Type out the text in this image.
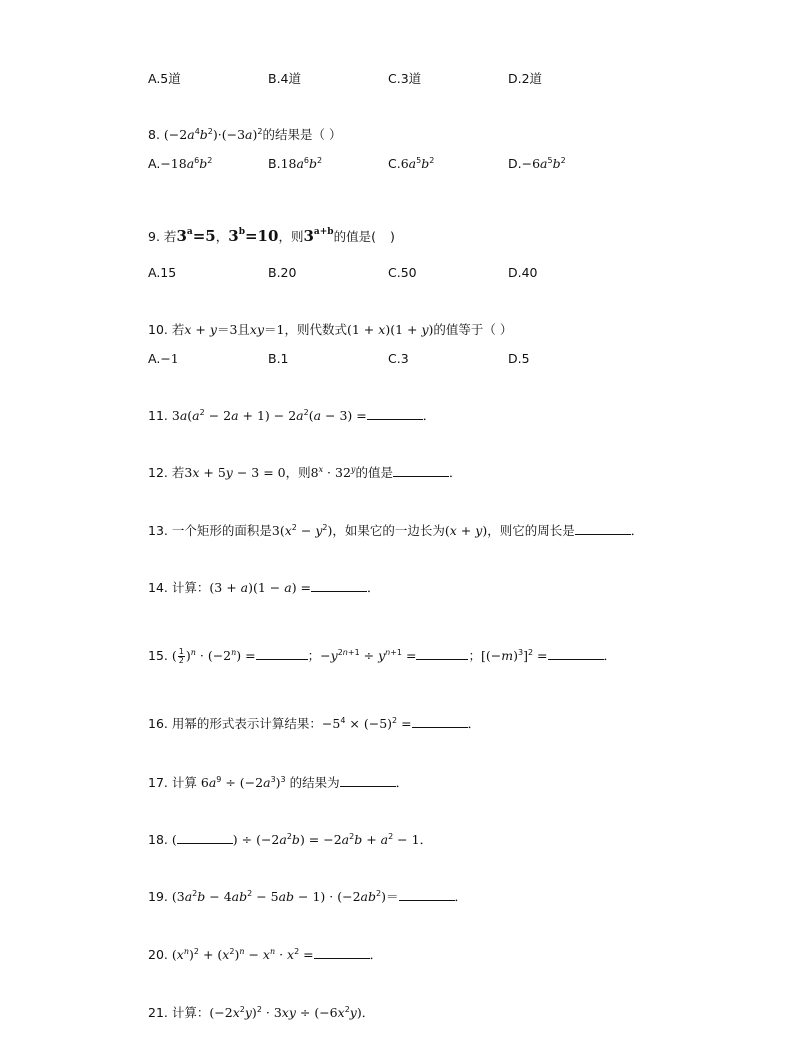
A.5道	B.4道	C.3道	D.2道
8. $(-2a^4b^2)\cdot(-3a)^2$的结果是（ ）
$A.-18a^6b^2$	$B.18a^6b^2$	$C.6a^5b^2$	$D.-6a^5b^2$
9. 若$3^a=5$，$3^b=10$，则$3^{a+b}$的值是( )
A.15	B.20	C.50	D.40
10. 若x + y＝3且xy＝1，则代数式(1 + x)(1 + y)的值等于（ ）
A.−1	B.1	C.3	D.5
11. $3a(a^2 - 2a + 1) - 2a^2(a - 3)$ =	．
12. 若3x + 5y − 3 = 0，则$8^x \cdot 32^y$的值是	．
13. 一个矩形的面积是$3(x^2 - y^2)$，如果它的一边长为(x + y)，则它的周长是	．
14. 计算：(3 + a)(1 − a) =	．
15. ( $\frac{1}{2} )^n \cdot (-2^n)$ =	；$-y^{2n+1} \div y^{n+1}$ =	；$[(-m)^3]^2$ =	．
16. 用幂的形式表示计算结果：$-5^4 \times (-5)^2$ =	．
17. 计算 $6a^9 \div (-2a^3)^3$ 的结果为	．
18. (	) ÷ $(-2a^2b) = -2a^2b + a^2 - 1$．
19. $(3a^2b - 4ab^2 - 5ab - 1) \cdot (-2ab^2)=$	．
20. $(x^n)^2 + (x^2)^n - x^n \cdot x^2$ =	．
21. 计算：$(-2x^2y)^2 \cdot 3xy \div (-6x^2y)$．
